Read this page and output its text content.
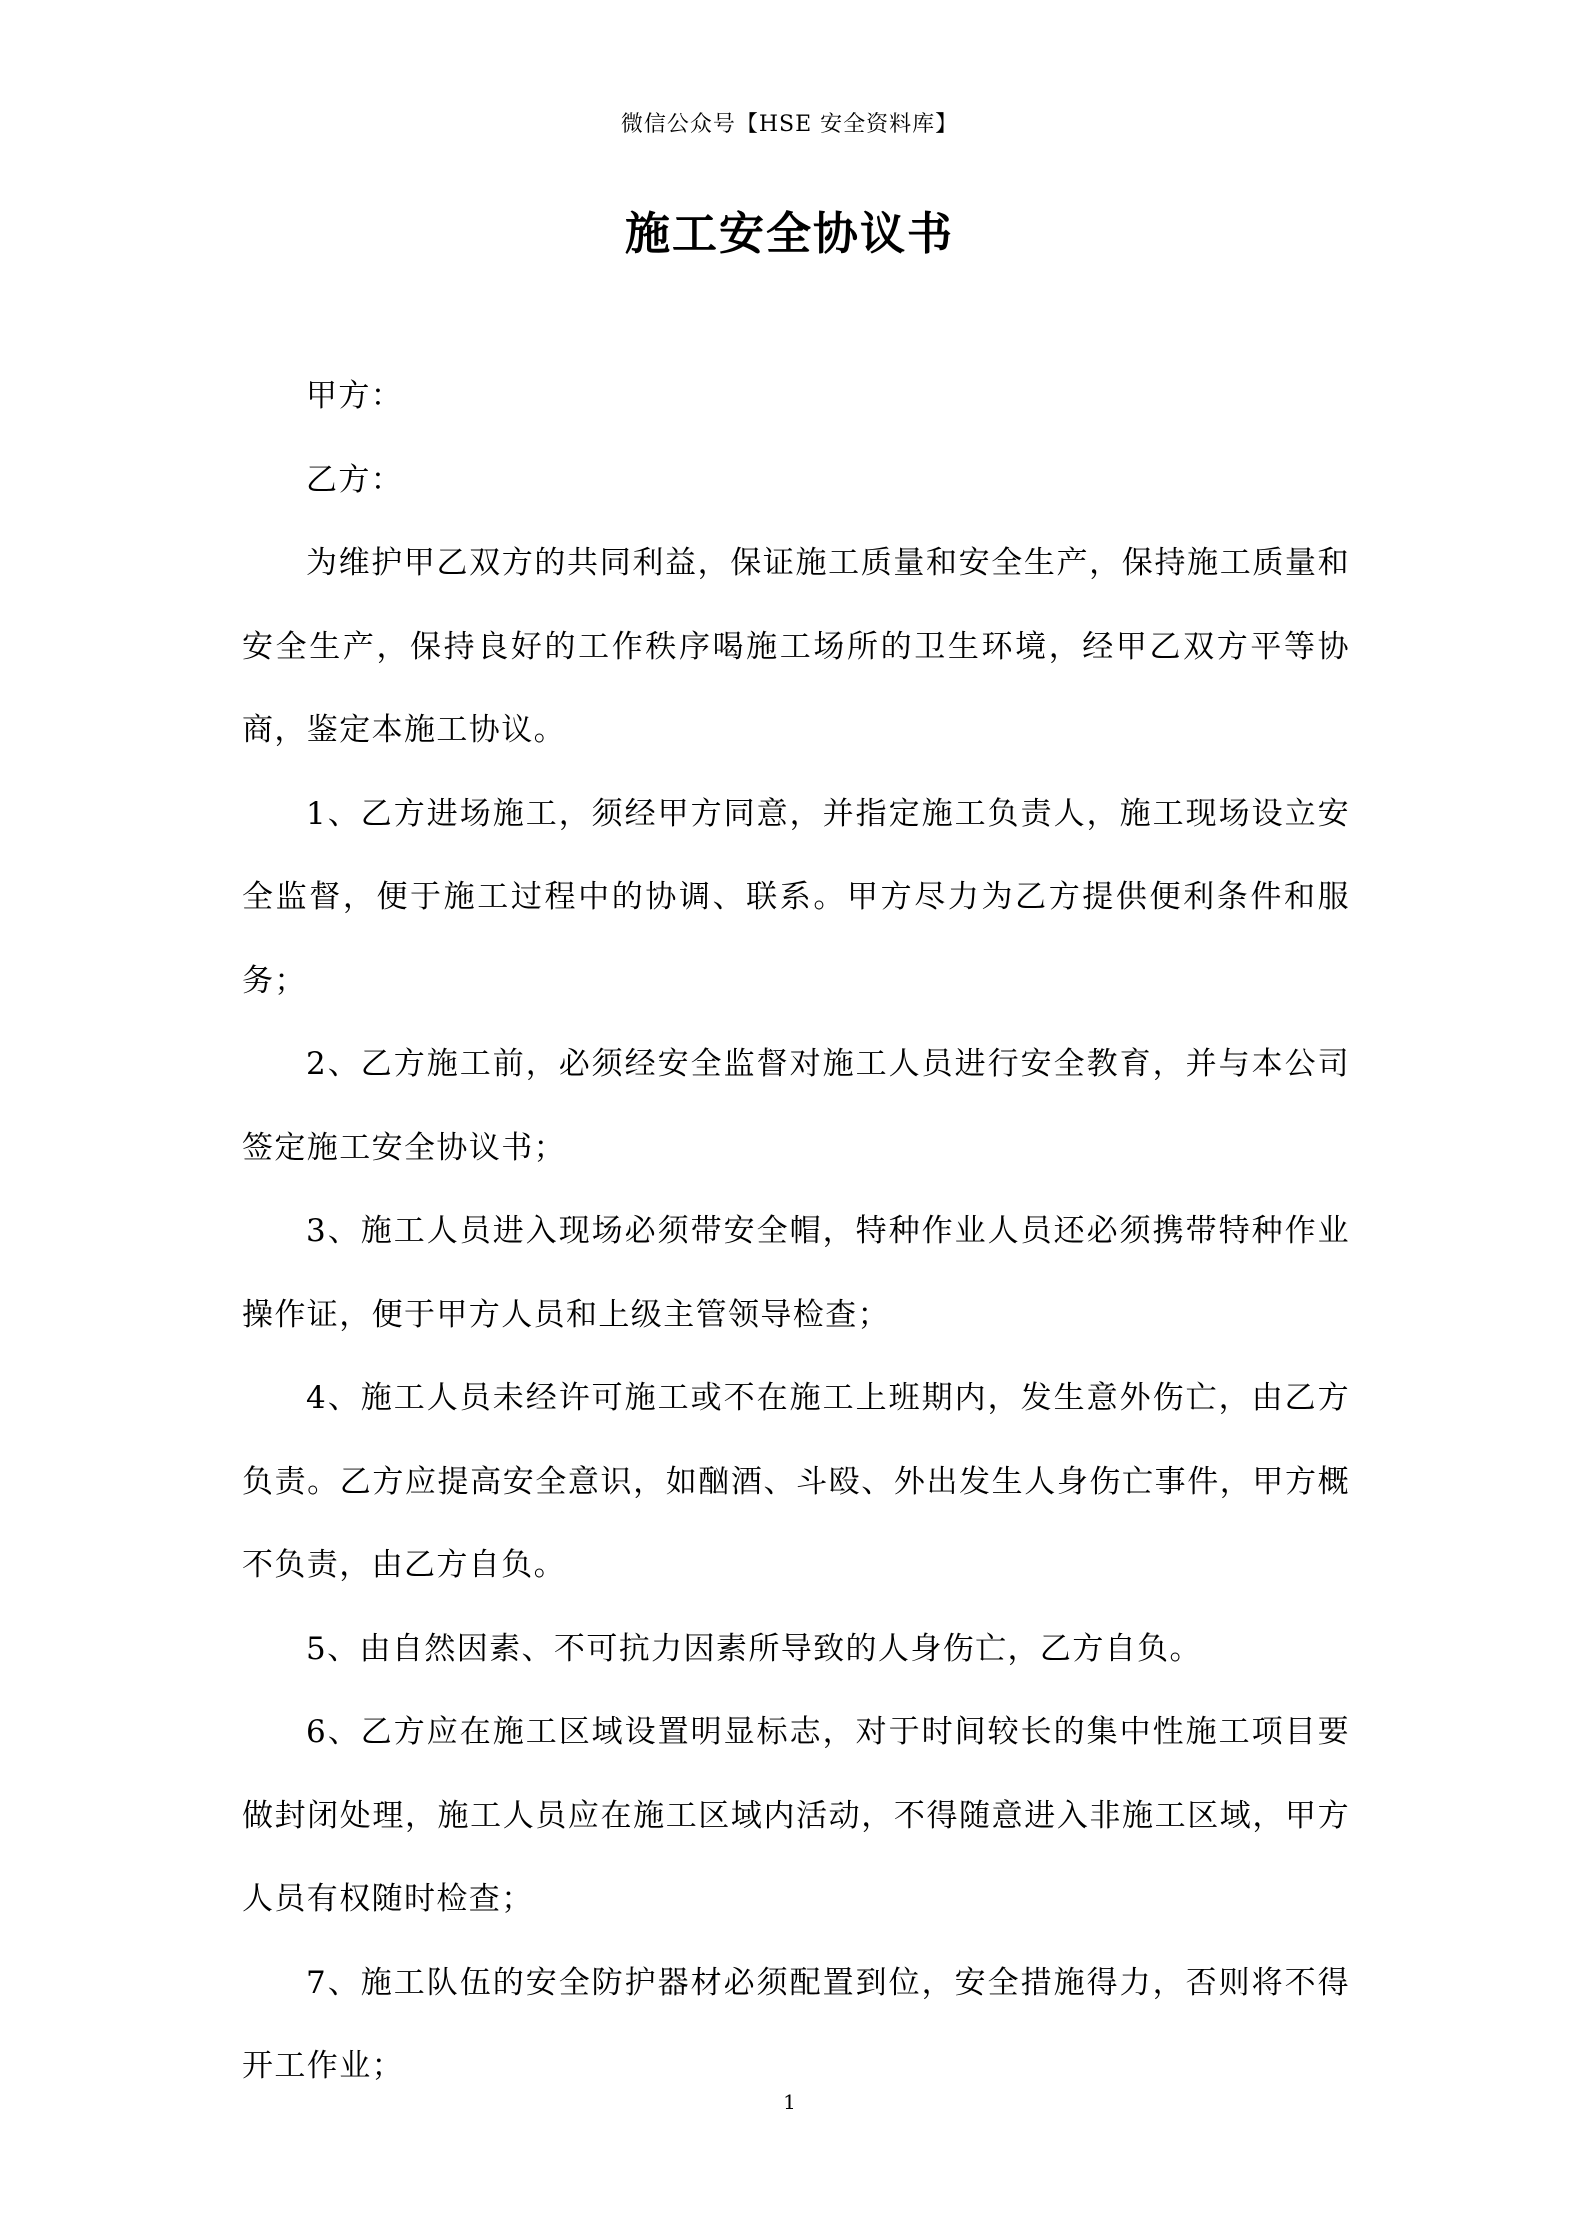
微信公众号【HSE 安全资料库】
施工安全协议书

甲方：

乙方：

为维护甲乙双方的共同利益，保证施工质量和安全生产，保持施工质量和安全生产，保持良好的工作秩序喝施工场所的卫生环境，经甲乙双方平等协商，鉴定本施工协议。

1、乙方进场施工，须经甲方同意，并指定施工负责人，施工现场设立安全监督，便于施工过程中的协调、联系。甲方尽力为乙方提供便利条件和服务；

2、乙方施工前，必须经安全监督对施工人员进行安全教育，并与本公司签定施工安全协议书；

3、施工人员进入现场必须带安全帽，特种作业人员还必须携带特种作业操作证，便于甲方人员和上级主管领导检查；

4、施工人员未经许可施工或不在施工上班期内，发生意外伤亡，由乙方负责。乙方应提高安全意识，如酗酒、斗殴、外出发生人身伤亡事件，甲方概不负责，由乙方自负。

5、由自然因素、不可抗力因素所导致的人身伤亡，乙方自负。

6、乙方应在施工区域设置明显标志，对于时间较长的集中性施工项目要做封闭处理，施工人员应在施工区域内活动，不得随意进入非施工区域，甲方人员有权随时检查；

7、施工队伍的安全防护器材必须配置到位，安全措施得力，否则将不得开工作业；

1
